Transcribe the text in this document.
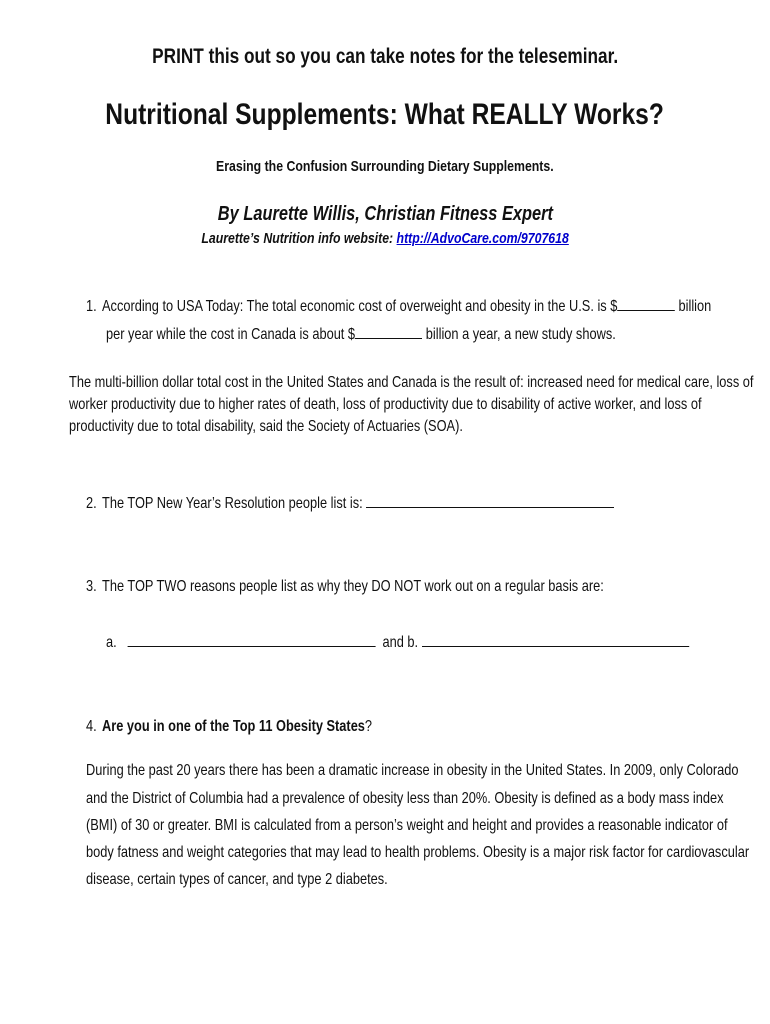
PRINT this out so you can take notes for the teleseminar.
Nutritional Supplements: What REALLY Works?
Erasing the Confusion Surrounding Dietary Supplements.
By Laurette Willis, Christian Fitness Expert
Laurette’s Nutrition info website: http://AdvoCare.com/9707618
1. According to USA Today: The total economic cost of overweight and obesity in the U.S. is $	billion
per year while the cost in Canada is about $	billion a year, a new study shows.
The multi-billion dollar total cost in the United States and Canada is the result of: increased need for medical care, loss of
worker productivity due to higher rates of death, loss of productivity due to disability of active worker, and loss of
productivity due to total disability, said the Society of Actuaries (SOA).
2. The TOP New Year’s Resolution people list is:
3. The TOP TWO reasons people list as why they DO NOT work out on a regular basis are:
a.	and b.
4. Are you in one of the Top 11 Obesity States?
During the past 20 years there has been a dramatic increase in obesity in the United States. In 2009, only Colorado
and the District of Columbia had a prevalence of obesity less than 20%. Obesity is defined as a body mass index
(BMI) of 30 or greater. BMI is calculated from a person’s weight and height and provides a reasonable indicator of
body fatness and weight categories that may lead to health problems. Obesity is a major risk factor for cardiovascular
disease, certain types of cancer, and type 2 diabetes.
